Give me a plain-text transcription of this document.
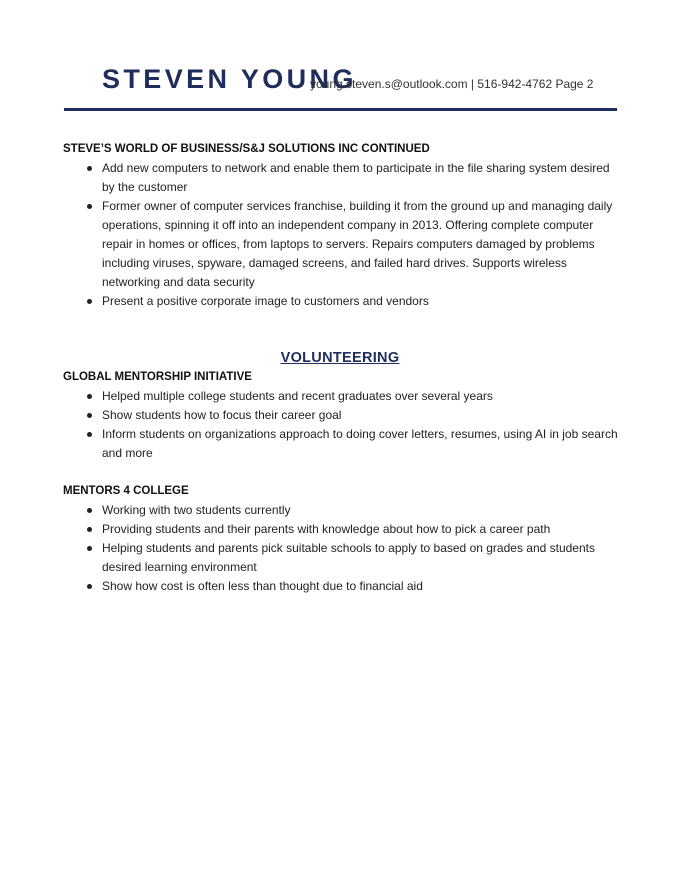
STEVEN YOUNG
young.steven.s@outlook.com | 516-942-4762 Page 2
STEVE’S WORLD OF BUSINESS/S&J SOLUTIONS INC CONTINUED
Add new computers to network and enable them to participate in the file sharing system desired by the customer
Former owner of computer services franchise, building it from the ground up and managing daily operations, spinning it off into an independent company in 2013. Offering complete computer repair in homes or offices, from laptops to servers. Repairs computers damaged by problems including viruses, spyware, damaged screens, and failed hard drives. Supports wireless networking and data security
Present a positive corporate image to customers and vendors
VOLUNTEERING
GLOBAL MENTORSHIP INITIATIVE
Helped multiple college students and recent graduates over several years
Show students how to focus their career goal
Inform students on organizations approach to doing cover letters, resumes, using AI in job search and more
MENTORS 4 COLLEGE
Working with two students currently
Providing students and their parents with knowledge about how to pick a career path
Helping students and parents pick suitable schools to apply to based on grades and students desired learning environment
Show how cost is often less than thought due to financial aid
